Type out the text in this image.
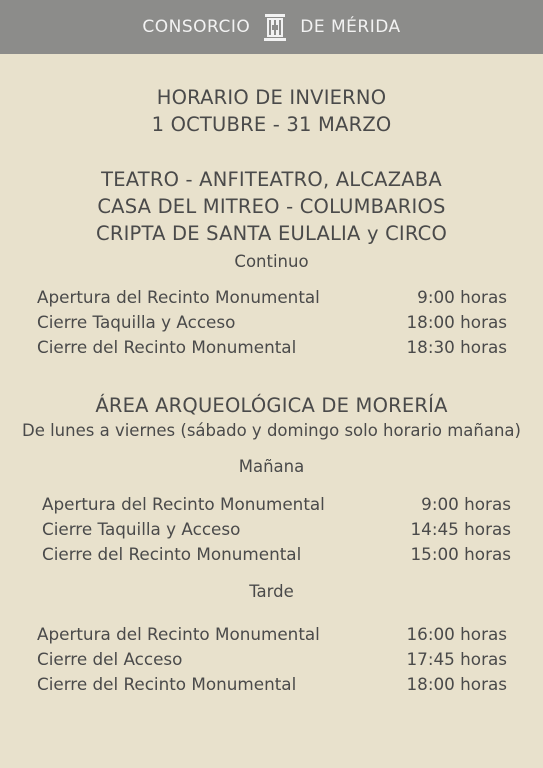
CONSORCIO	DE MÉRIDA
HORARIO DE INVIERNO
1 OCTUBRE - 31 MARZO
TEATRO - ANFITEATRO, ALCAZABA
CASA DEL MITREO - COLUMBARIOS
CRIPTA DE SANTA EULALIA y CIRCO
Continuo
Apertura del Recinto Monumental	9:00 horas
Cierre Taquilla y Acceso	18:00 horas
Cierre del Recinto Monumental	18:30 horas
ÁREA ARQUEOLÓGICA DE MORERÍA
De lunes a viernes (sábado y domingo solo horario mañana)
Mañana
Apertura del Recinto Monumental	9:00 horas
Cierre Taquilla y Acceso	14:45 horas
Cierre del Recinto Monumental	15:00 horas
Tarde
Apertura del Recinto Monumental	16:00 horas
Cierre del Acceso	17:45 horas
Cierre del Recinto Monumental	18:00 horas
